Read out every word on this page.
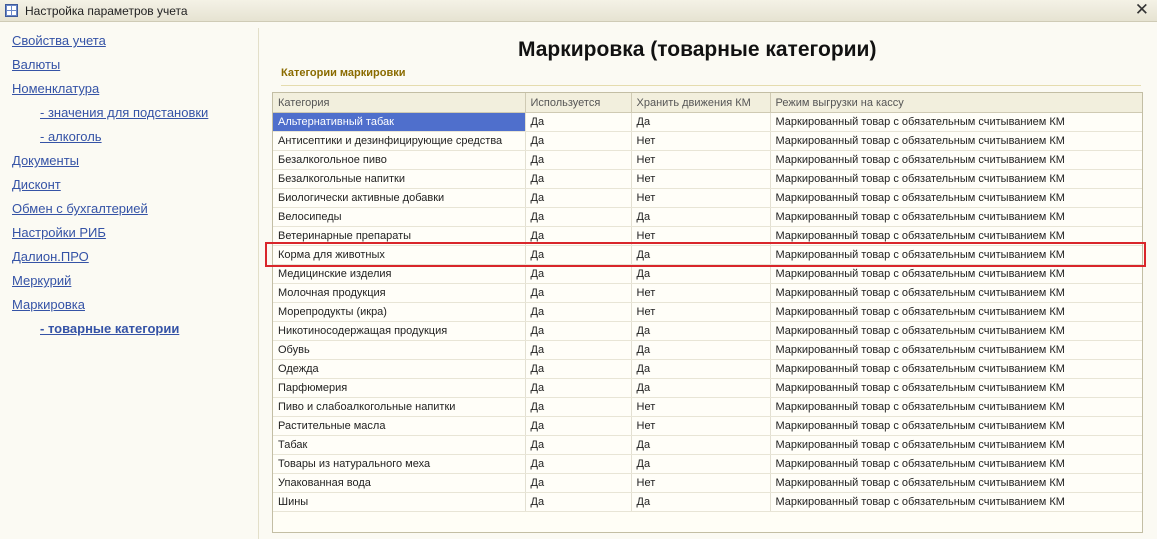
Настройка параметров учета	✕
Свойства учета
Валюты
Номенклатура
- значения для подстановки
- алкоголь
Документы
Дисконт
Обмен с бухгалтерией
Настройки РИБ
Далион.ПРО
Меркурий
Маркировка
- товарные категории
Маркировка (товарные категории)
Категории маркировки
Категория	Используется	Хранить движения КМ	Режим выгрузки на кассу
Альтернативный табак	Да	Да	Маркированный товар с обязательным считыванием КМ
Антисептики и дезинфицирующие средства	Да	Нет	Маркированный товар с обязательным считыванием КМ
Безалкогольное пиво	Да	Нет	Маркированный товар с обязательным считыванием КМ
Безалкогольные напитки	Да	Нет	Маркированный товар с обязательным считыванием КМ
Биологически активные добавки	Да	Нет	Маркированный товар с обязательным считыванием КМ
Велосипеды	Да	Да	Маркированный товар с обязательным считыванием КМ
Ветеринарные препараты	Да	Нет	Маркированный товар с обязательным считыванием КМ
Корма для животных	Да	Да	Маркированный товар с обязательным считыванием КМ
Медицинские изделия	Да	Да	Маркированный товар с обязательным считыванием КМ
Молочная продукция	Да	Нет	Маркированный товар с обязательным считыванием КМ
Морепродукты (икра)	Да	Нет	Маркированный товар с обязательным считыванием КМ
Никотиносодержащая продукция	Да	Да	Маркированный товар с обязательным считыванием КМ
Обувь	Да	Да	Маркированный товар с обязательным считыванием КМ
Одежда	Да	Да	Маркированный товар с обязательным считыванием КМ
Парфюмерия	Да	Да	Маркированный товар с обязательным считыванием КМ
Пиво и слабоалкогольные напитки	Да	Нет	Маркированный товар с обязательным считыванием КМ
Растительные масла	Да	Нет	Маркированный товар с обязательным считыванием КМ
Табак	Да	Да	Маркированный товар с обязательным считыванием КМ
Товары из натурального меха	Да	Да	Маркированный товар с обязательным считыванием КМ
Упакованная вода	Да	Нет	Маркированный товар с обязательным считыванием КМ
Шины	Да	Да	Маркированный товар с обязательным считыванием КМ
